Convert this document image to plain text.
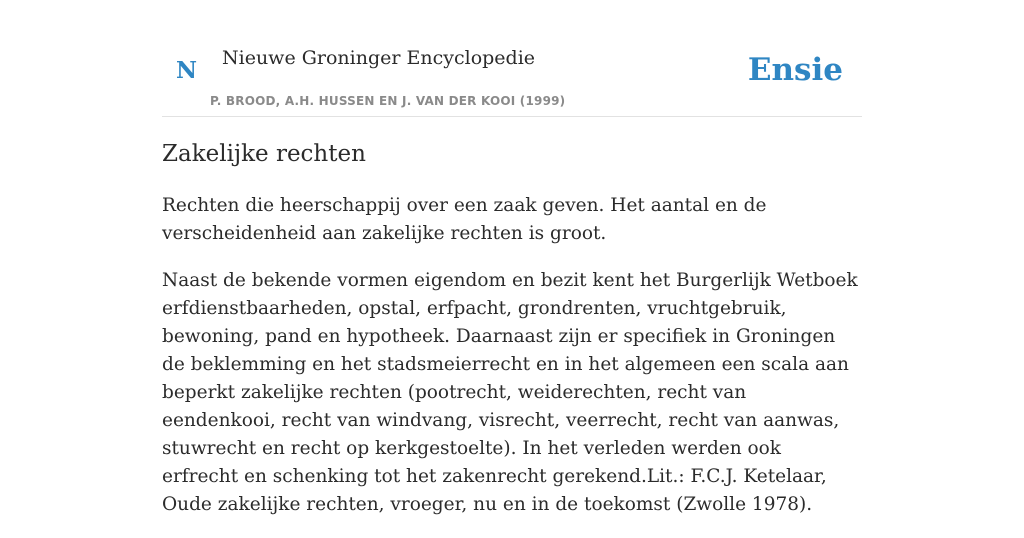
N Nieuwe Groninger Encyclopedie
P. BROOD, A.H. HUSSEN EN J. VAN DER KOOI (1999)
Ensie
Zakelijke rechten

Rechten die heerschappij over een zaak geven. Het aantal en de verscheidenheid aan zakelijke rechten is groot.

Naast de bekende vormen eigendom en bezit kent het Burgerlijk Wetboek erfdienstbaarheden, opstal, erfpacht, grondrenten, vruchtgebruik, bewoning, pand en hypotheek. Daarnaast zijn er specifiek in Groningen de beklemming en het stadsmeierrecht en in het algemeen een scala aan beperkt zakelijke rechten (pootrecht, weiderechten, recht van eendenkooi, recht van windvang, visrecht, veerrecht, recht van aanwas, stuwrecht en recht op kerkgestoelte). In het verleden werden ook erfrecht en schenking tot het zakenrecht gerekend.Lit.: F.C.J. Ketelaar, Oude zakelijke rechten, vroeger, nu en in de toekomst (Zwolle 1978).
